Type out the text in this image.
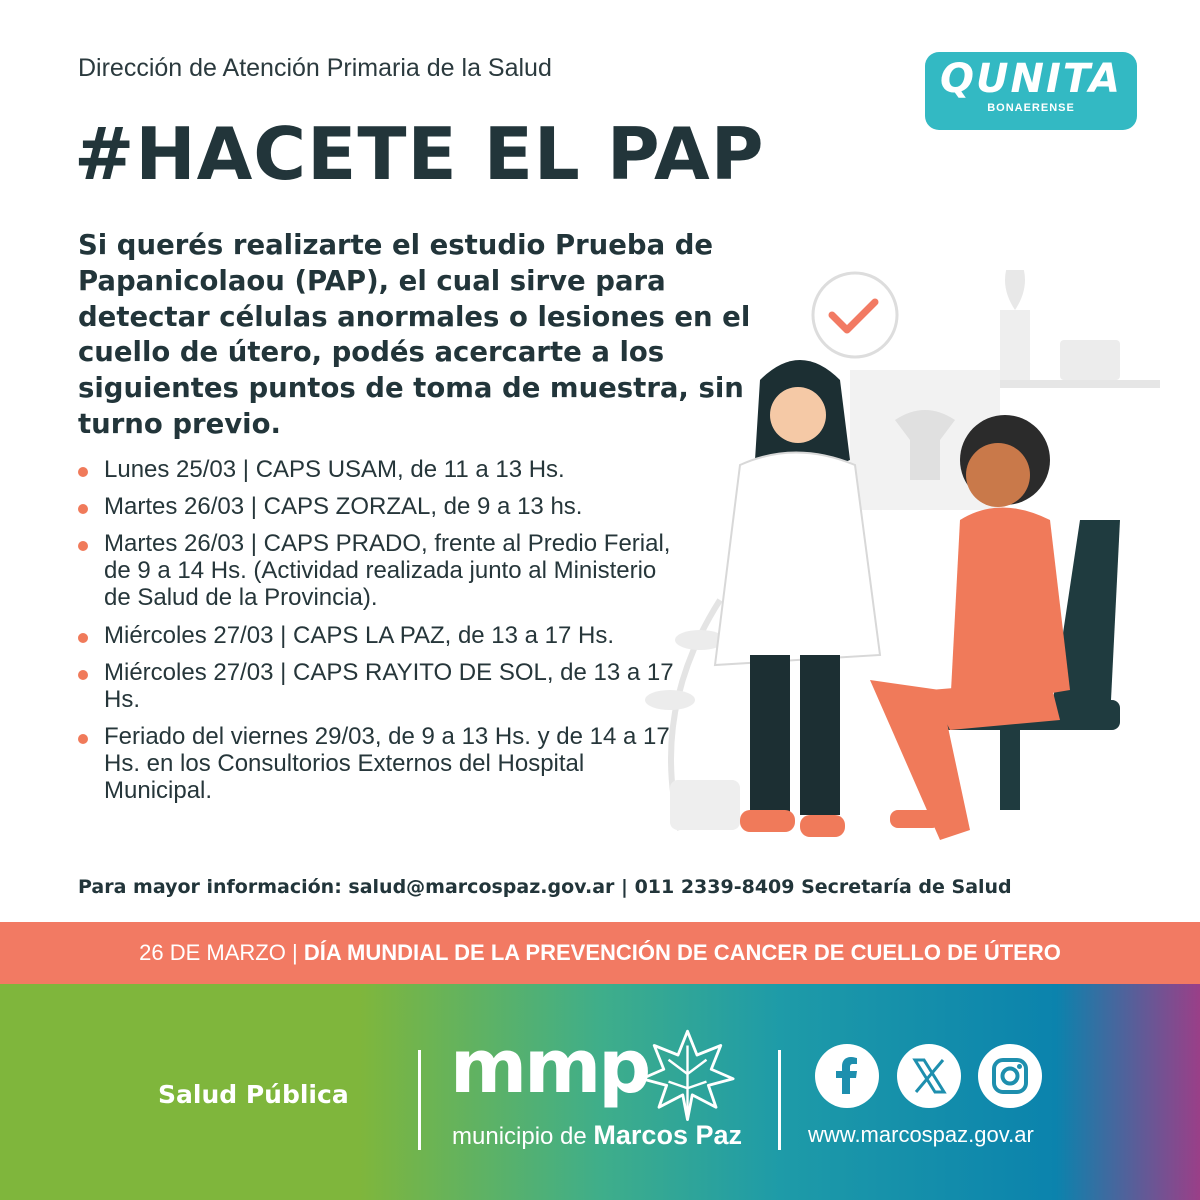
Dirección de Atención Primaria de la Salud
#HACETE EL PAP
QUNITA
BONAERENSE
Si querés realizarte el estudio Prueba de Papanicolaou (PAP), el cual sirve para detectar células anormales o lesiones en el cuello de útero, podés acercarte a los siguientes puntos de toma de muestra, sin turno previo.
Lunes 25/03 | CAPS USAM, de 11 a 13 Hs.
Martes 26/03 | CAPS ZORZAL, de 9 a 13 hs.
Martes 26/03 | CAPS PRADO, frente al Predio Ferial, de 9 a 14 Hs. (Actividad realizada junto al Ministerio de Salud de la Provincia).
Miércoles 27/03 | CAPS LA PAZ, de 13 a 17 Hs.
Miércoles 27/03 | CAPS RAYITO DE SOL, de 13 a 17 Hs.
Feriado del viernes 29/03, de 9 a 13 Hs. y de 14 a 17 Hs. en los Consultorios Externos del Hospital Municipal.
Para mayor información: salud@marcospaz.gov.ar | 011 2339-8409 Secretaría de Salud
26 DE MARZO | DÍA MUNDIAL DE LA PREVENCIÓN DE CANCER DE CUELLO DE ÚTERO
Salud Pública mmp
municipio de Marcos Paz	www.marcospaz.gov.ar
